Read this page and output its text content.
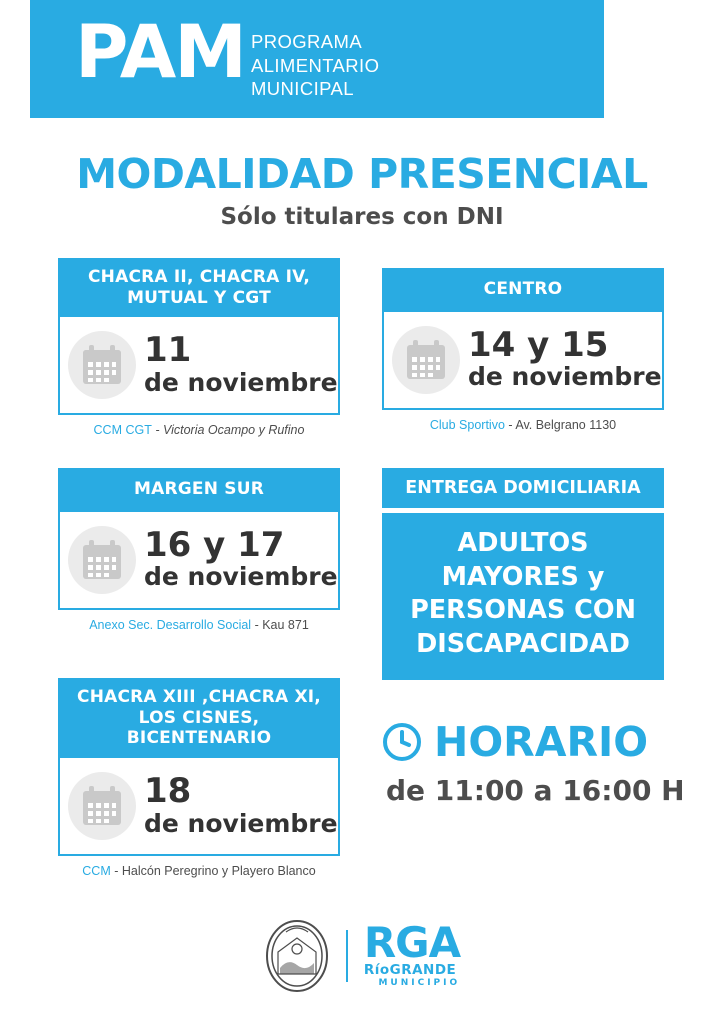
PAM PROGRAMA
ALIMENTARIO
MUNICIPAL
MODALIDAD PRESENCIAL
Sólo titulares con DNI
CHACRA II, CHACRA IV,
MUTUAL Y CGT
11
de noviembre
CCM CGT - Victoria Ocampo y Rufino
CENTRO
14 y 15
de noviembre
Club Sportivo - Av. Belgrano 1130
MARGEN SUR
16 y 17
de noviembre
Anexo Sec. Desarrollo Social - Kau 871
CHACRA XIII ,CHACRA XI,
LOS CISNES, BICENTENARIO
18
de noviembre
CCM - Halcón Peregrino y Playero Blanco
ENTREGA DOMICILIARIA
ADULTOS
MAYORES y
PERSONAS CON
DISCAPACIDAD
HORARIO
de 11:00 a 16:00 H
RGA
RíoGRANDE
MUNICIPIO
